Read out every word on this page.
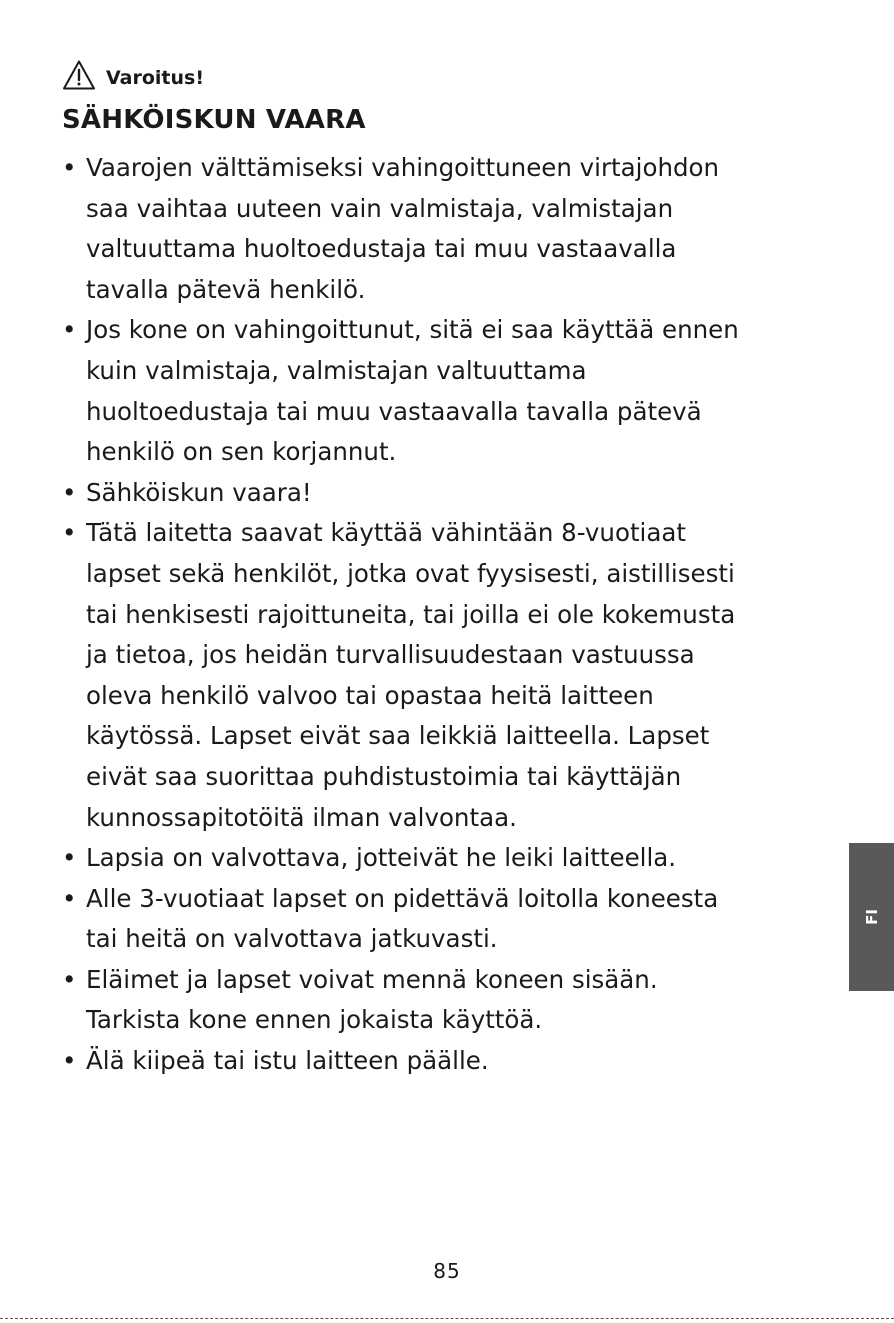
Varoitus!
SÄHKÖISKUN VAARA
• Vaarojen välttämiseksi vahingoittuneen virtajohdon
saa vaihtaa uuteen vain valmistaja, valmistajan
valtuuttama huoltoedustaja tai muu vastaavalla
tavalla pätevä henkilö.
• Jos kone on vahingoittunut, sitä ei saa käyttää ennen
kuin valmistaja, valmistajan valtuuttama
huoltoedustaja tai muu vastaavalla tavalla pätevä
henkilö on sen korjannut.
• Sähköiskun vaara!
• Tätä laitetta saavat käyttää vähintään 8-vuotiaat
lapset sekä henkilöt, jotka ovat fyysisesti, aistillisesti
tai henkisesti rajoittuneita, tai joilla ei ole kokemusta
ja tietoa, jos heidän turvallisuudestaan vastuussa
oleva henkilö valvoo tai opastaa heitä laitteen
käytössä. Lapset eivät saa leikkiä laitteella. Lapset
eivät saa suorittaa puhdistustoimia tai käyttäjän
kunnossapitotöitä ilman valvontaa.
• Lapsia on valvottava, jotteivät he leiki laitteella.
• Alle 3-vuotiaat lapset on pidettävä loitolla koneesta
tai heitä on valvottava jatkuvasti.
• Eläimet ja lapset voivat mennä koneen sisään.
Tarkista kone ennen jokaista käyttöä.
• Älä kiipeä tai istu laitteen päälle.
FI
85
